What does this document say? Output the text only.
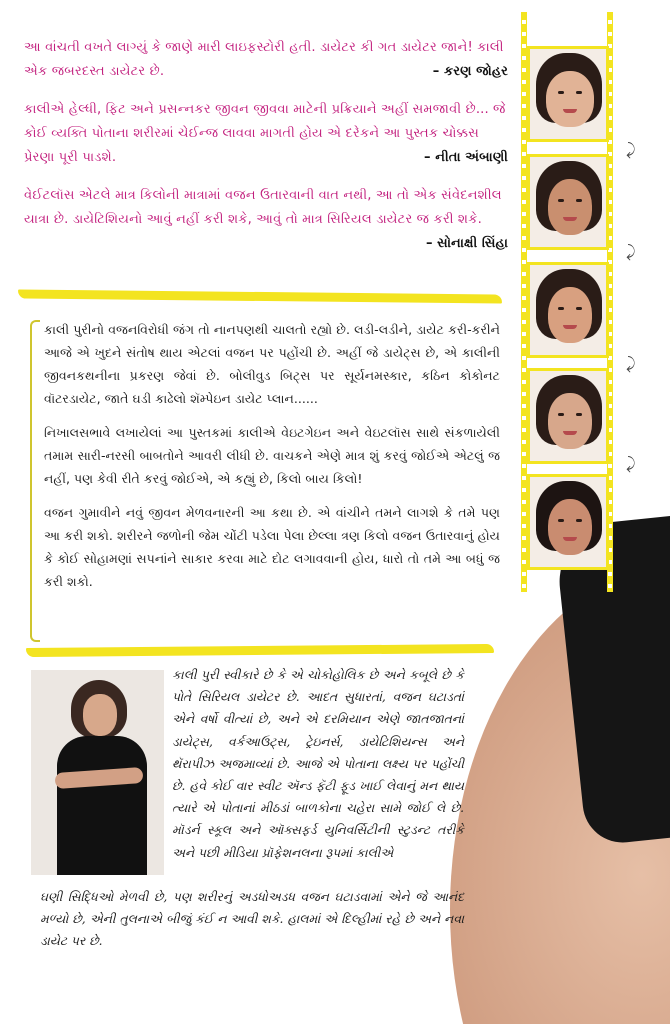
આ વાંચતી વખતે લાગ્યું કે જાણે મારી લાઇફસ્ટોરી હતી. ડાયેટર કી ગત ડાયેટર જાને! કાલી એક જબરદસ્ત ડાયેટર છે.	– કરણ જોહર
કાલીએ હેલ્ધી, ફિટ અને પ્રસન્નકર જીવન જીવવા માટેની પ્રક્રિયાને અહીં સમજાવી છે... જે કોઈ વ્યક્તિ પોતાના શરીરમાં ચેઈન્જ લાવવા માગતી હોય એ દરેકને આ પુસ્તક ચોક્કસ પ્રેરણા પૂરી પાડશે.	– નીતા અંબાણી
વેઈટલૉસ એટલે માત્ર કિલોની માત્રામાં વજન ઉતારવાની વાત નથી, આ તો એક સંવેદનશીલ યાત્રા છે. ડાયેટિશિયનો આવું નહીં કરી શકે, આવું તો માત્ર સિરિયલ ડાયેટર જ કરી શકે.
– સોનાક્ષી સિંહા

કાલી પુરીનો વજનવિરોધી જંગ તો નાનપણથી ચાલતો રહ્યો છે. લડી-લડીને, ડાયેટ કરી-કરીને આજે એ ખુદને સંતોષ થાય એટલાં વજન પર પહોંચી છે. અહીં જે ડાયેટ્સ છે, એ કાલીની જીવનકથનીના પ્રકરણ જેવાં છે. બોલીવુડ બિટ્સ પર સૂર્યનમસ્કાર, કઠિન કોકોનટ વૉટરડાયેટ, જાતે ઘડી કાઢેલો શૅમ્પેઇન ડાયેટ પ્લાન......

નિખાલસભાવે લખાયેલાં આ પુસ્તકમાં કાલીએ વેઇટગેઇન અને વેઇટલૉસ સાથે સંકળાયેલી તમામ સારી-નરસી બાબતોને આવરી લીધી છે. વાચકને એણે માત્ર શું કરવું જોઈએ એટલું જ નહીં, પણ કેવી રીતે કરવું જોઈએ, એ કહ્યું છે, કિલો બાય કિલો!

વજન ગુમાવીને નવું જીવન મેળવનારની આ કથા છે. એ વાંચીને તમને લાગશે કે તમે પણ આ કરી શકો. શરીરને જળોની જેમ ચોંટી પડેલા પેલા છેલ્લા ત્રણ કિલો વજન ઉતારવાનું હોય કે કોઈ સોહામણાં સપનાંને સાકાર કરવા માટે દોટ લગાવવાની હોય, ધારો તો તમે આ બધું જ કરી શકો.

⤸
⤸
⤸
⤸
કાલી પુરી સ્વીકારે છે કે એ ચોકોહોલિક છે અને કબૂલે છે કે પોતે સિરિયલ ડાયેટર છે. આદત સુધારતાં, વજન ઘટાડતાં એને વર્ષો વીત્યાં છે, અને એ દરમિયાન એણે જાતજાતનાં ડાયેટ્સ, વર્કઆઉટ્સ, ટ્રેઇનર્સ, ડાયેટિશિયન્સ અને થૅરાપીઝ અજમાવ્યાં છે. આજે એ પોતાના લક્ષ્ય પર પહોંચી છે. હવે કોઈ વાર સ્વીટ ઍન્ડ ફૅટી ફૂડ ખાઈ લેવાનું મન થાય ત્યારે એ પોતાનાં મીઠડાં બાળકોના ચહેરા સામે જોઈ લે છે. મૉડર્ન સ્કૂલ અને ઑક્સફર્ડ યુનિવર્સિટીની સ્ટુડન્ટ તરીકે અને પછી મીડિયા પ્રૉફેશનલના રૂપમાં કાલીએ
ઘણી સિદ્ધિઓ મેળવી છે, પણ શરીરનું અડધોઅડધ વજન ઘટાડવામાં એને જે આનંદ મળ્યો છે, એની તુલનાએ બીજું કંઈ ન આવી શકે. હાલમાં એ દિલ્હીમાં રહે છે અને નવા ડાયેટ પર છે.
